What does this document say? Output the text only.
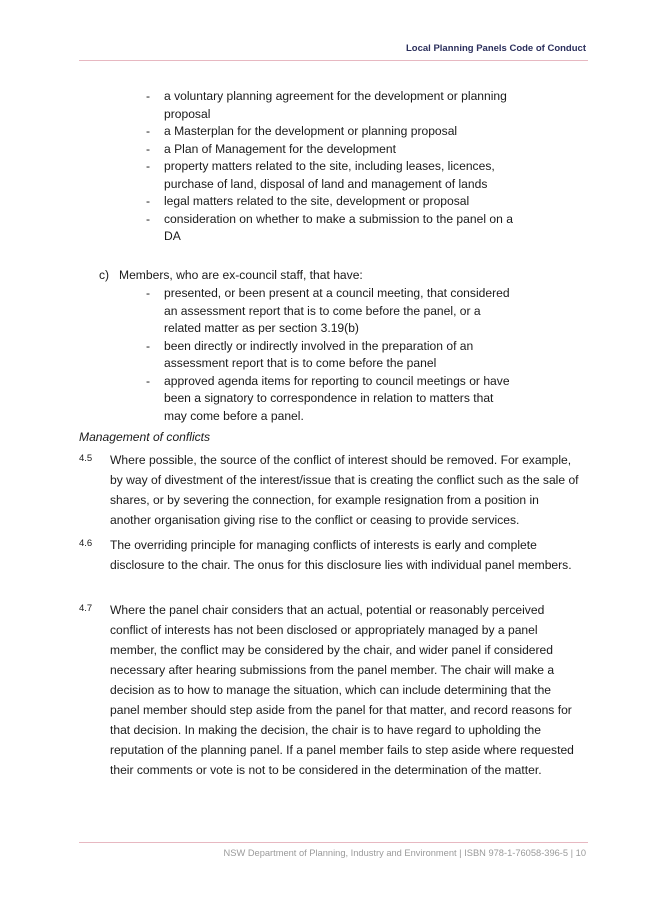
Local Planning Panels Code of Conduct
- a voluntary planning agreement for the development or planning proposal
- a Masterplan for the development or planning proposal
- a Plan of Management for the development
- property matters related to the site, including leases, licences, purchase of land, disposal of land and management of lands
- legal matters related to the site, development or proposal
- consideration on whether to make a submission to the panel on a DA
c) Members, who are ex-council staff, that have:
- presented, or been present at a council meeting, that considered an assessment report that is to come before the panel, or a related matter as per section 3.19(b)
- been directly or indirectly involved in the preparation of an assessment report that is to come before the panel
- approved agenda items for reporting to council meetings or have been a signatory to correspondence in relation to matters that may come before a panel.
Management of conflicts
4.5 Where possible, the source of the conflict of interest should be removed. For example, by way of divestment of the interest/issue that is creating the conflict such as the sale of shares, or by severing the connection, for example resignation from a position in another organisation giving rise to the conflict or ceasing to provide services.

4.6 The overriding principle for managing conflicts of interests is early and complete disclosure to the chair. The onus for this disclosure lies with individual panel members.

4.7 Where the panel chair considers that an actual, potential or reasonably perceived conflict of interests has not been disclosed or appropriately managed by a panel member, the conflict may be considered by the chair, and wider panel if considered necessary after hearing submissions from the panel member. The chair will make a decision as to how to manage the situation, which can include determining that the panel member should step aside from the panel for that matter, and record reasons for that decision. In making the decision, the chair is to have regard to upholding the reputation of the planning panel. If a panel member fails to step aside where requested their comments or vote is not to be considered in the determination of the matter.

NSW Department of Planning, Industry and Environment | ISBN 978-1-76058-396-5 | 10
